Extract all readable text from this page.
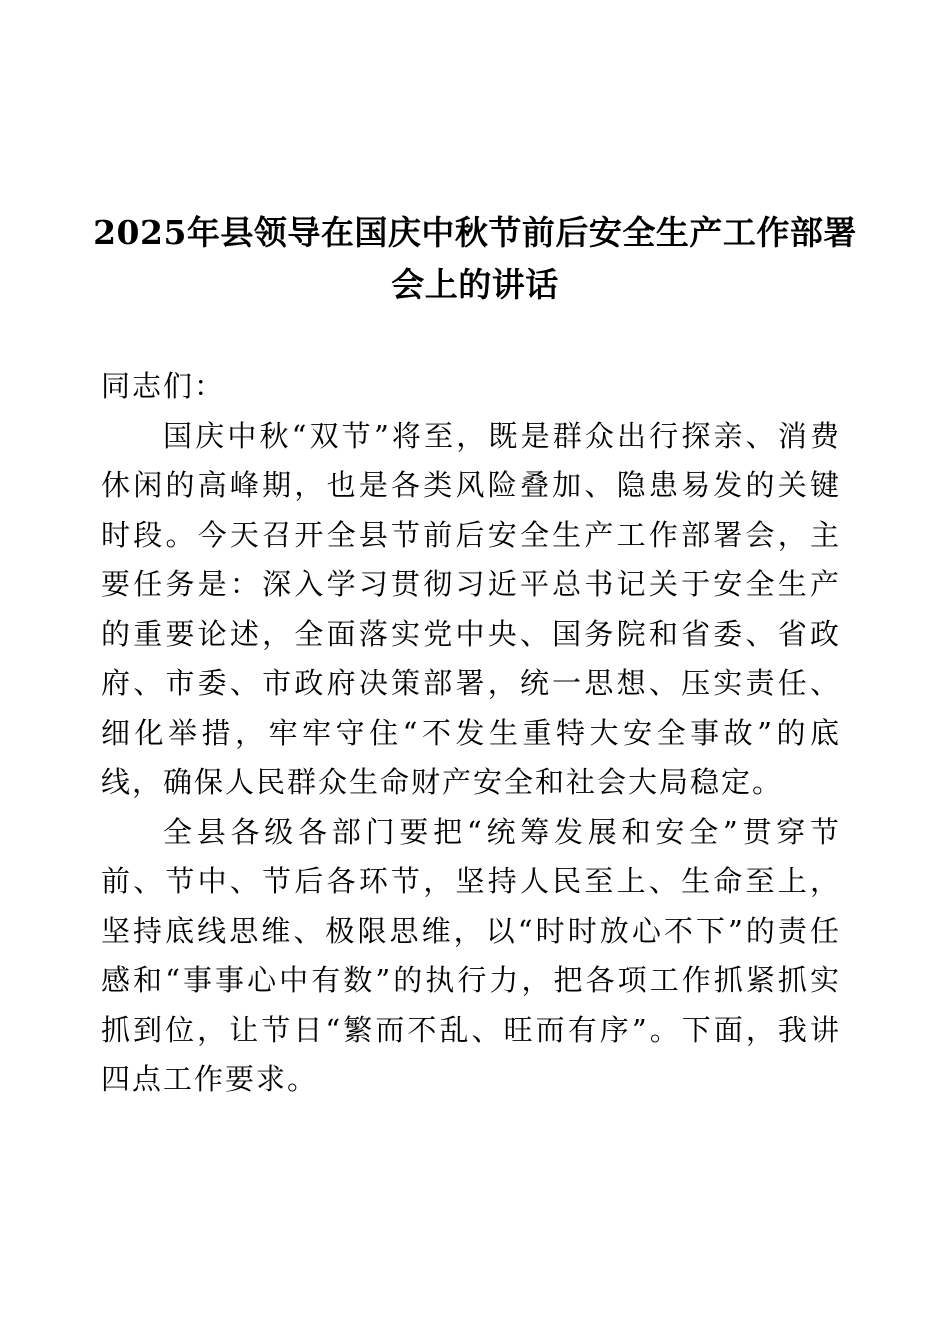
2025年县领导在国庆中秋节前后安全生产工作部署会上的讲话

同志们：

国庆中秋“双节”将至，既是群众出行探亲、消费休闲的高峰期，也是各类风险叠加、隐患易发的关键时段。今天召开全县节前后安全生产工作部署会，主要任务是：深入学习贯彻习近平总书记关于安全生产的重要论述，全面落实党中央、国务院和省委、省政府、市委、市政府决策部署，统一思想、压实责任、细化举措，牢牢守住“不发生重特大安全事故”的底线，确保人民群众生命财产安全和社会大局稳定。

全县各级各部门要把“统筹发展和安全”贯穿节前、节中、节后各环节，坚持人民至上、生命至上，坚持底线思维、极限思维，以“时时放心不下”的责任感和“事事心中有数”的执行力，把各项工作抓紧抓实抓到位，让节日“繁而不乱、旺而有序”。下面，我讲四点工作要求。
